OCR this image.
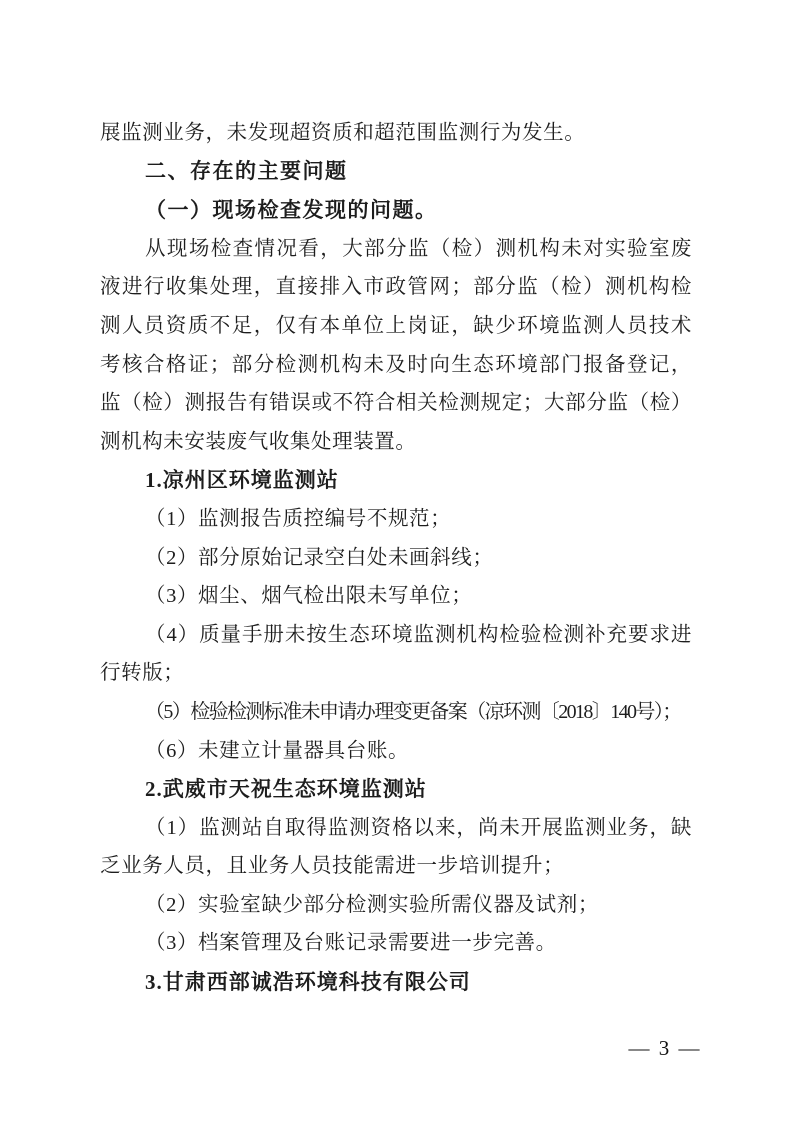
展监测业务，未发现超资质和超范围监测行为发生。
二、存在的主要问题
（一）现场检查发现的问题。
从现场检查情况看，大部分监（检）测机构未对实验室废
液进行收集处理，直接排入市政管网；部分监（检）测机构检
测人员资质不足，仅有本单位上岗证，缺少环境监测人员技术
考核合格证；部分检测机构未及时向生态环境部门报备登记，
监（检）测报告有错误或不符合相关检测规定；大部分监（检）
测机构未安装废气收集处理装置。
1.凉州区环境监测站
（1）监测报告质控编号不规范；
（2）部分原始记录空白处未画斜线；
（3）烟尘、烟气检出限未写单位；
（4）质量手册未按生态环境监测机构检验检测补充要求进
行转版；
（5）检验检测标准未申请办理变更备案（凉环测〔2018〕140号）；
（6）未建立计量器具台账。
2.武威市天祝生态环境监测站
（1）监测站自取得监测资格以来，尚未开展监测业务，缺
乏业务人员，且业务人员技能需进一步培训提升；
（2）实验室缺少部分检测实验所需仪器及试剂；
（3）档案管理及台账记录需要进一步完善。
3.甘肃西部诚浩环境科技有限公司
— 3 —
